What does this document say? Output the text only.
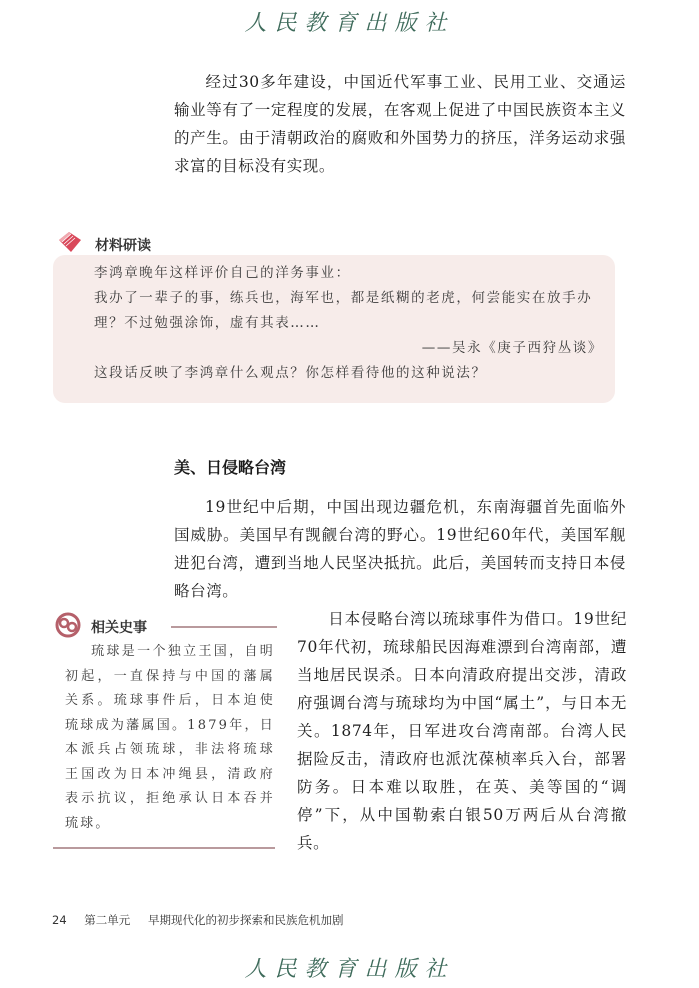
人民教育出版社

经过30多年建设，中国近代军事工业、民用工业、交通运输业等有了一定程度的发展，在客观上促进了中国民族资本主义的产生。由于清朝政治的腐败和外国势力的挤压，洋务运动求强求富的目标没有实现。

材料研读

李鸿章晚年这样评价自己的洋务事业：

我办了一辈子的事，练兵也，海军也，都是纸糊的老虎，何尝能实在放手办理？不过勉强涂饰，虚有其表……

——吴永《庚子西狩丛谈》

这段话反映了李鸿章什么观点？你怎样看待他的这种说法？

美、日侵略台湾

19世纪中后期，中国出现边疆危机，东南海疆首先面临外国威胁。美国早有觊觎台湾的野心。19世纪60年代，美国军舰进犯台湾，遭到当地人民坚决抵抗。此后，美国转而支持日本侵略台湾。

相关史事

琉球是一个独立王国，自明初起，一直保持与中国的藩属关系。琉球事件后，日本迫使琉球成为藩属国。1879年，日本派兵占领琉球，非法将琉球王国改为日本冲绳县，清政府表示抗议，拒绝承认日本吞并琉球。

日本侵略台湾以琉球事件为借口。19世纪70年代初，琉球船民因海难漂到台湾南部，遭当地居民误杀。日本向清政府提出交涉，清政府强调台湾与琉球均为中国“属土”，与日本无关。1874年，日军进攻台湾南部。台湾人民据险反击，清政府也派沈葆桢率兵入台，部署防务。日本难以取胜，在英、美等国的“调停”下，从中国勒索白银50万两后从台湾撤兵。

24 第二单元 早期现代化的初步探索和民族危机加剧
人民教育出版社
